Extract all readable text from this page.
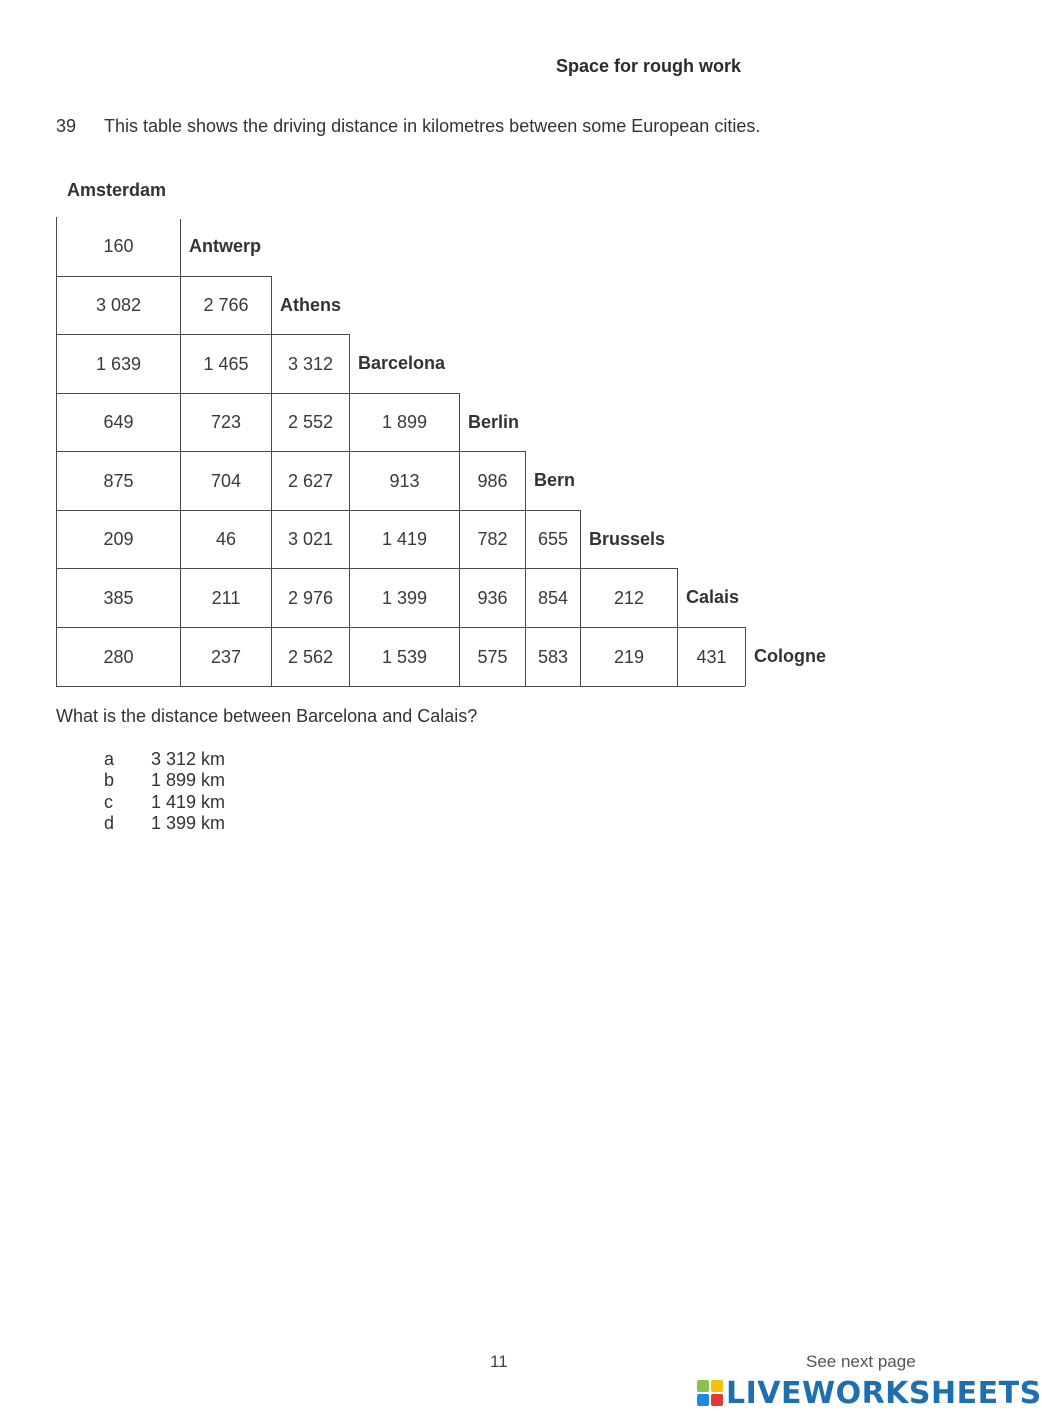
Space for rough work
39 This table shows the driving distance in kilometres between some European cities.
Amsterdam
160	Antwerp
3 082	2 766	Athens
1 639	1 465	3 312	Barcelona
649	723	2 552	1 899	Berlin
875	704	2 627	913	986	Bern
209	46	3 021	1 419	782	655	Brussels
385	211	2 976	1 399	936	854	212	Calais
280	237	2 562	1 539	575	583	219	431	Cologne
What is the distance between Barcelona and Calais?
a 3 312 km
b 1 899 km
c 1 419 km
d 1 399 km
11	See next page
LIVEWORKSHEETS
